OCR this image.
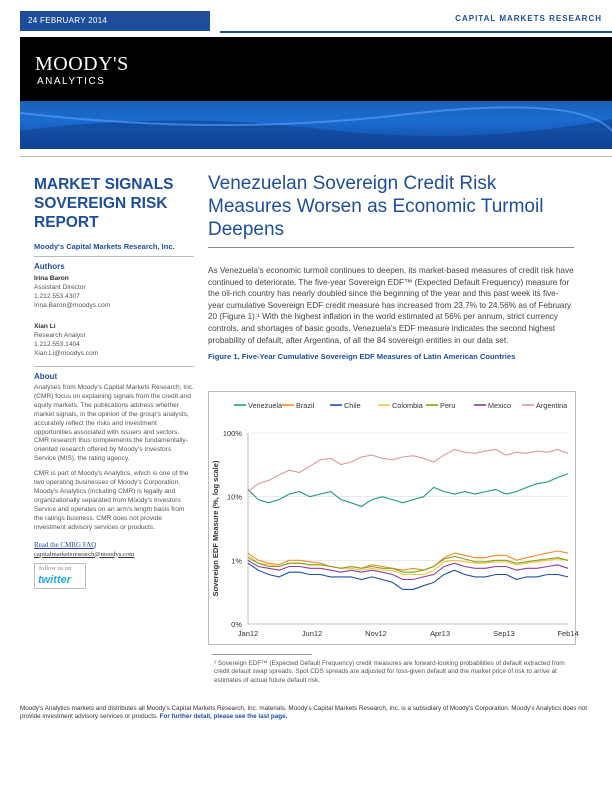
24 FEBRUARY 2014	CAPITAL MARKETS RESEARCH
MOODY'S
ANALYTICS
MARKET SIGNALS SOVEREIGN RISK REPORT
Moody's Capital Markets Research, Inc.
Authors
Irina Baron
Assistant Director
1.212.553.4307
Irina.Baron@moodys.com
Xian Li
Research Analyst
1.212.553.1404
Xian.Li@moodys.com
About
Analyses from Moody's Capital Markets Research, Inc. (CMR) focus on explaining signals from the credit and equity markets. The publications address whether market signals, in the opinion of the group's analysts, accurately reflect the risks and investment opportunities associated with issuers and sectors. CMR research thus complements the fundamentally-oriented research offered by Moody's Investors Service (MIS), the rating agency.
CMR is part of Moody's Analytics, which is one of the two operating businesses of Moody's Corporation. Moody's Analytics (including CMR) is legally and organizationally separated from Moody's Investors Service and operates on an arm's length basis from the ratings business. CMR does not provide investment advisory services or products.
Read the CMRG FAQ
capitalmarketsresearch@moodys.com
follow us on
twitter
Venezuelan Sovereign Credit Risk Measures Worsen as Economic Turmoil Deepens
As Venezuela's economic turmoil continues to deepen, its market-based measures of credit risk have continued to deteriorate. The five-year Sovereign EDF™ (Expected Default Frequency) measure for the oil-rich country has nearly doubled since the beginning of the year and this past week its five-year cumulative Sovereign EDF credit measure has increased from 23.7% to 24.56% as of February 20 (Figure 1).¹ With the highest inflation in the world estimated at 56% per annum, strict currency controls, and shortages of basic goods, Venezuela's EDF measure indicates the second highest probability of default, after Argentina, of all the 84 sovereign entities in our data set.
Figure 1. Five-Year Cumulative Sovereign EDF Measures of Latin American Countries
0%
1%
10%
100%
Jan12	Jun12	Nov12	Apr13	Sep13	Feb14
Sovereign EDF Measure (%, log scale)
Venezuela Brazil	Chile	Colombia Peru	Mexico	Argentina
¹ Sovereign EDF™ (Expected Default Frequency) credit measures are forward-looking probabilities of default extracted from credit default swap spreads. Spot CDS spreads are adjusted for loss-given default and the market price of risk to arrive at estimates of actual future default risk.
Moody's Analytics markets and distributes all Moody's Capital Markets Research, Inc. materials. Moody's Capital Markets Research, Inc. is a subsidiary of Moody's Corporation. Moody's Analytics does not provide investment advisory services or products. For further detail, please see the last page.
